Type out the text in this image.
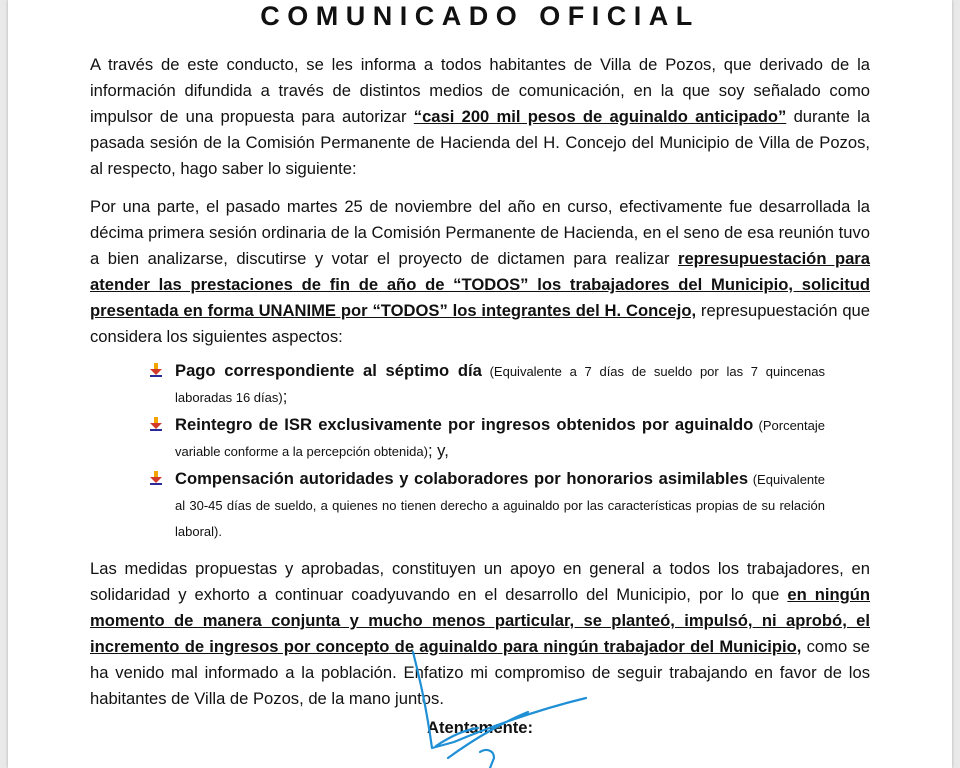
COMUNICADO OFICIAL

A través de este conducto, se les informa a todos habitantes de Villa de Pozos, que derivado de la información difundida a través de distintos medios de comunicación, en la que soy señalado como impulsor de una propuesta para autorizar “casi 200 mil pesos de aguinaldo anticipado” durante la pasada sesión de la Comisión Permanente de Hacienda del H. Concejo del Municipio de Villa de Pozos, al respecto, hago saber lo siguiente:

Por una parte, el pasado martes 25 de noviembre del año en curso, efectivamente fue desarrollada la décima primera sesión ordinaria de la Comisión Permanente de Hacienda, en el seno de esa reunión tuvo a bien analizarse, discutirse y votar el proyecto de dictamen para realizar represupuestación para atender las prestaciones de fin de año de “TODOS” los trabajadores del Municipio, solicitud presentada en forma UNANIME por “TODOS” los integrantes del H. Concejo, represupuestación que considera los siguientes aspectos:

Pago correspondiente al séptimo día (Equivalente a 7 días de sueldo por las 7 quincenas laboradas 16 días);
Reintegro de ISR exclusivamente por ingresos obtenidos por aguinaldo (Porcentaje variable conforme a la percepción obtenida); y,
Compensación autoridades y colaboradores por honorarios asimilables (Equivalente al 30-45 días de sueldo, a quienes no tienen derecho a aguinaldo por las características propias de su relación laboral).

Las medidas propuestas y aprobadas, constituyen un apoyo en general a todos los trabajadores, en solidaridad y exhorto a continuar coadyuvando en el desarrollo del Municipio, por lo que en ningún momento de manera conjunta y mucho menos particular, se planteó, impulsó, ni aprobó, el incremento de ingresos por concepto de aguinaldo para ningún trabajador del Municipio, como se ha venido mal informado a la población. Enfatizo mi compromiso de seguir trabajando en favor de los habitantes de Villa de Pozos, de la mano juntos.

Atentamente:
